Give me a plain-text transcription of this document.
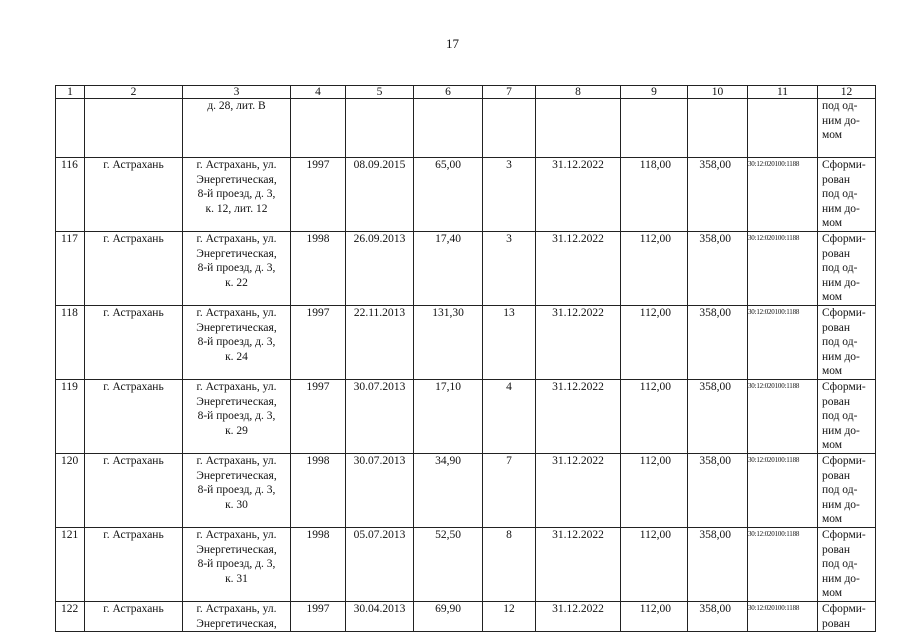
17
1	2	3	4	5	6	7	8	9	10	11	12
		д. 28, лит. В									под од-
ним до-
мом
116	г. Астрахань	г. Астрахань, ул.
Энергетическая,
8-й проезд, д. 3,
к. 12, лит. 12	1997	08.09.2015	65,00	3	31.12.2022	118,00	358,00	30:12:020100:1188	Сформи-
рован
под од-
ним до-
мом
117	г. Астрахань	г. Астрахань, ул.
Энергетическая,
8-й проезд, д. 3,
к. 22	1998	26.09.2013	17,40	3	31.12.2022	112,00	358,00	30:12:020100:1188	Сформи-
рован
под од-
ним до-
мом
118	г. Астрахань	г. Астрахань, ул.
Энергетическая,
8-й проезд, д. 3,
к. 24	1997	22.11.2013	131,30	13	31.12.2022	112,00	358,00	30:12:020100:1188	Сформи-
рован
под од-
ним до-
мом
119	г. Астрахань	г. Астрахань, ул.
Энергетическая,
8-й проезд, д. 3,
к. 29	1997	30.07.2013	17,10	4	31.12.2022	112,00	358,00	30:12:020100:1188	Сформи-
рован
под од-
ним до-
мом
120	г. Астрахань	г. Астрахань, ул.
Энергетическая,
8-й проезд, д. 3,
к. 30	1998	30.07.2013	34,90	7	31.12.2022	112,00	358,00	30:12:020100:1188	Сформи-
рован
под од-
ним до-
мом
121	г. Астрахань	г. Астрахань, ул.
Энергетическая,
8-й проезд, д. 3,
к. 31	1998	05.07.2013	52,50	8	31.12.2022	112,00	358,00	30:12:020100:1188	Сформи-
рован
под од-
ним до-
мом
122	г. Астрахань	г. Астрахань, ул.
Энергетическая,	1997	30.04.2013	69,90	12	31.12.2022	112,00	358,00	30:12:020100:1188	Сформи-
рован
